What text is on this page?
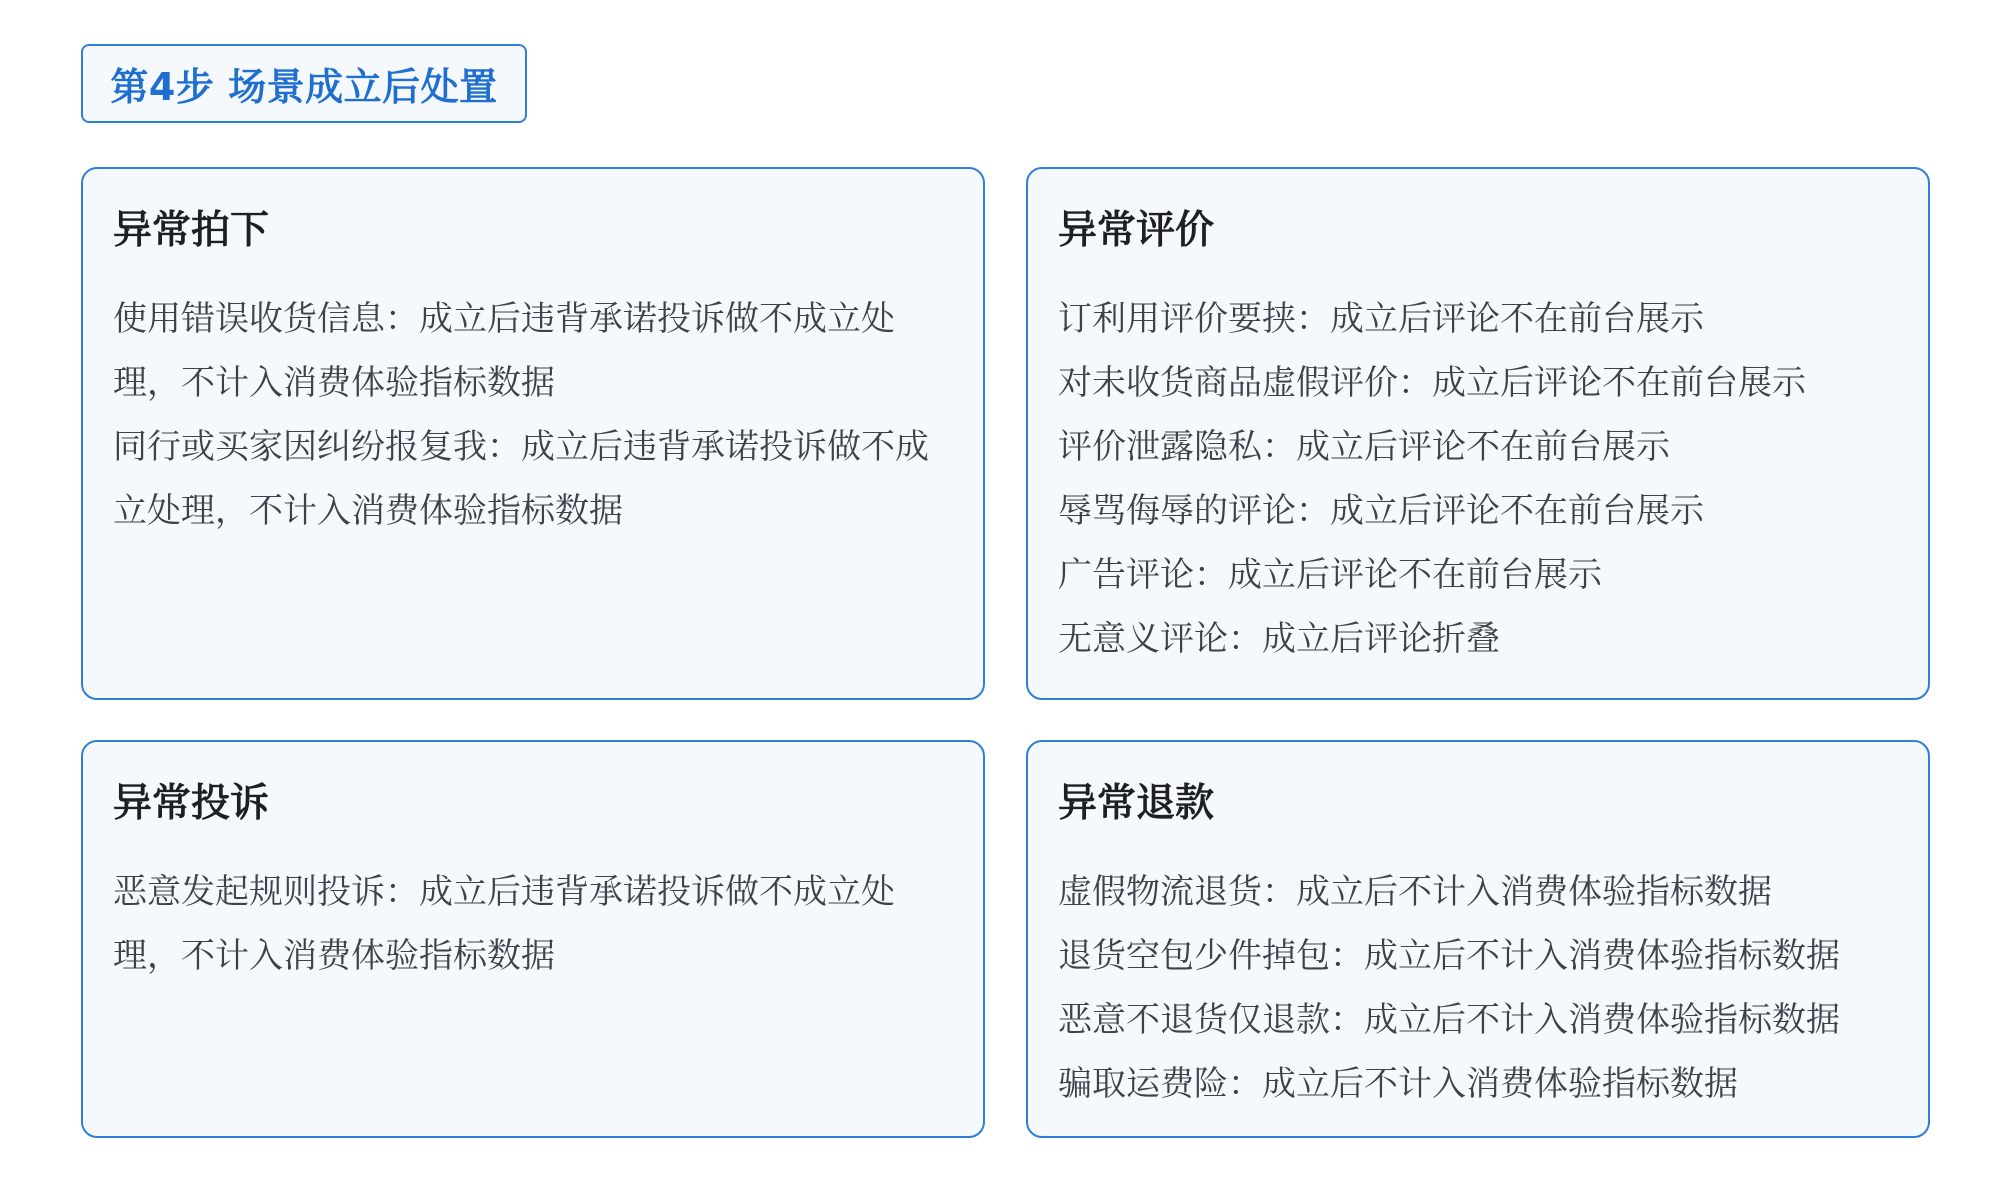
第4步 场景成立后处置
异常拍下
使用错误收货信息：成立后违背承诺投诉做不成立处理，不计入消费体验指标数据
同行或买家因纠纷报复我：成立后违背承诺投诉做不成立处理，不计入消费体验指标数据
异常评价
订利用评价要挟：成立后评论不在前台展示
对未收货商品虚假评价：成立后评论不在前台展示
评价泄露隐私：成立后评论不在前台展示
辱骂侮辱的评论：成立后评论不在前台展示
广告评论：成立后评论不在前台展示
无意义评论：成立后评论折叠
异常投诉
恶意发起规则投诉：成立后违背承诺投诉做不成立处理，不计入消费体验指标数据
异常退款
虚假物流退货：成立后不计入消费体验指标数据
退货空包少件掉包：成立后不计入消费体验指标数据
恶意不退货仅退款：成立后不计入消费体验指标数据
骗取运费险：成立后不计入消费体验指标数据
